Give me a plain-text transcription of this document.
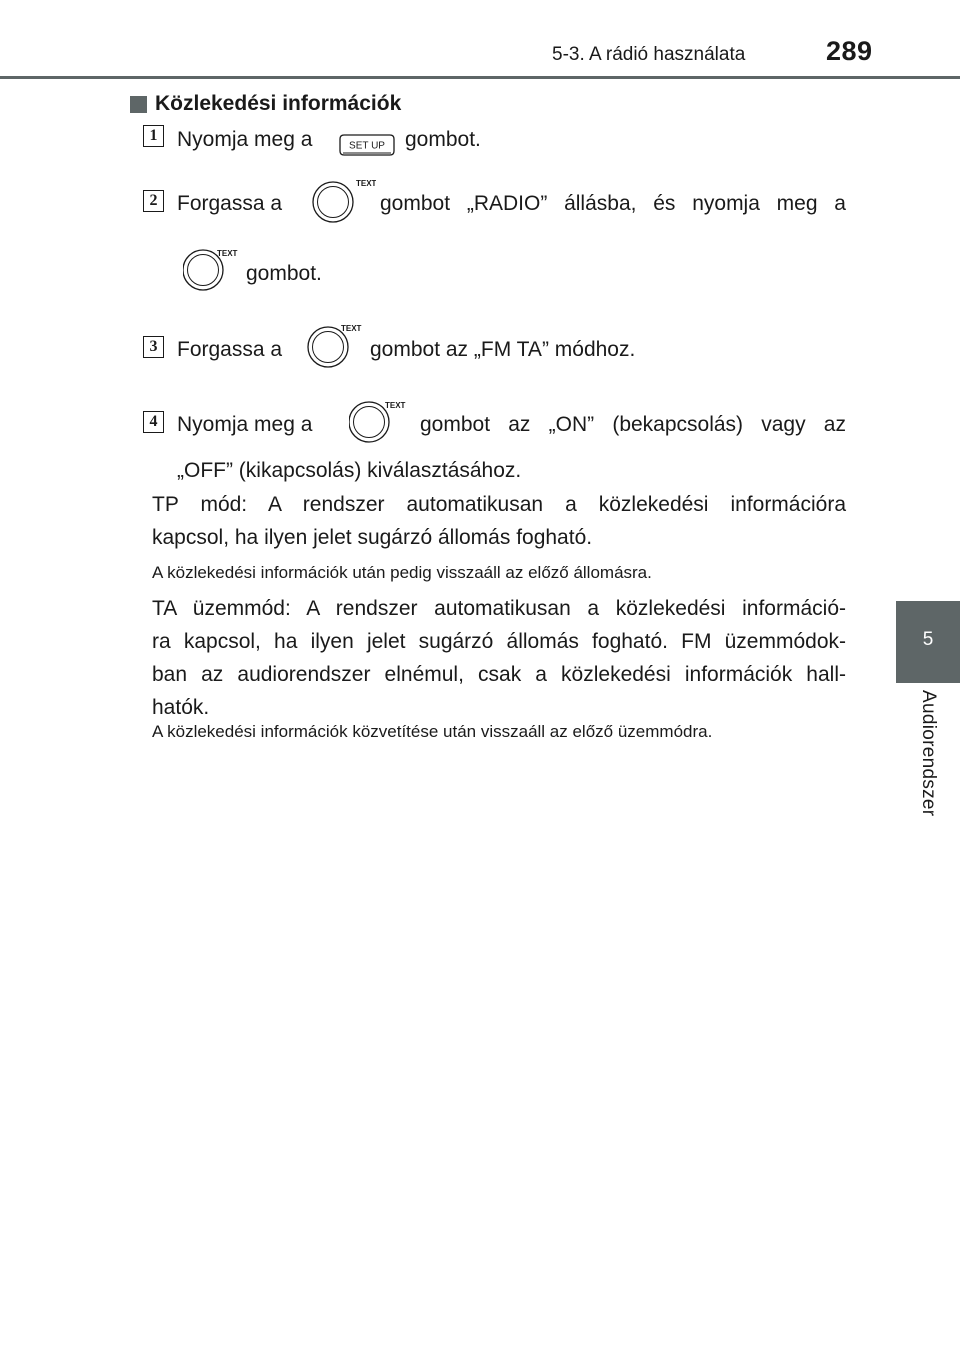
5-3. A rádió használata	289
5
Audiorendszer
Közlekedési információk
1 Nyomja meg a	SET UP gombot.
2 Forgassa a
TEXT
gombot „RADIO” állásba, és nyomja meg a
TEXT
gombot.
3 Forgassa a
TEXT
gombot az „FM TA” módhoz.
4 Nyomja meg a
TEXT
gombot az „ON” (bekapcsolás) vagy az
„OFF” (kikapcsolás) kiválasztásához.
TP mód: A rendszer automatikusan a közlekedési információra
kapcsol, ha ilyen jelet sugárzó állomás fogható.
A közlekedési információk után pedig visszaáll az előző állomásra.
TA üzemmód: A rendszer automatikusan a közlekedési információ-
ra kapcsol, ha ilyen jelet sugárzó állomás fogható. FM üzemmódok-
ban az audiorendszer elnémul, csak a közlekedési információk hall-
hatók.
A közlekedési információk közvetítése után visszaáll az előző üzemmódra.
